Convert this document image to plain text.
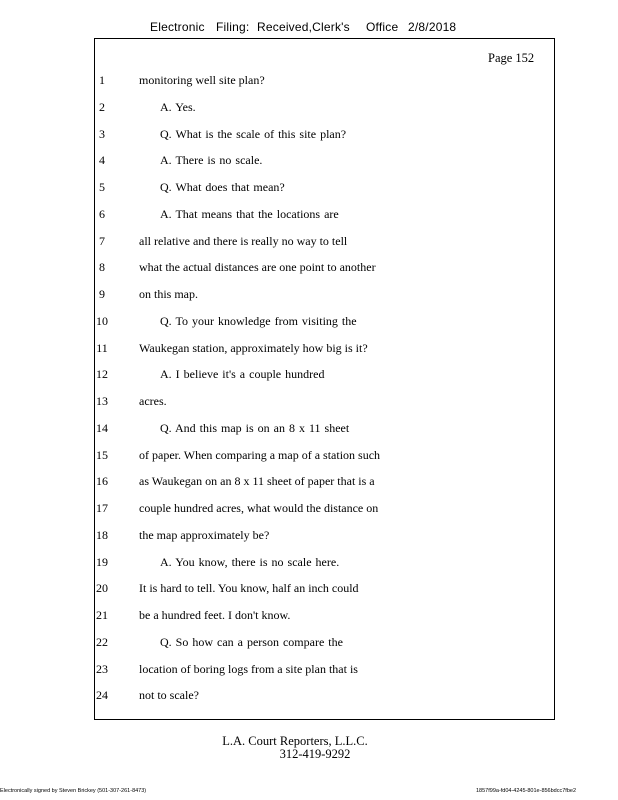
Electronic Filing: Received,Clerk's Office 2/8/2018
Page 152
1	monitoring well site plan?
2	A. Yes.
3	Q. What is the scale of this site plan?
4	A. There is no scale.
5	Q. What does that mean?
6	A. That means that the locations are
7	all relative and there is really no way to tell
8	what the actual distances are one point to another
9	on this map.
10	Q. To your knowledge from visiting the
11	Waukegan station, approximately how big is it?
12	A. I believe it's a couple hundred
13	acres.
14	Q. And this map is on an 8 x 11 sheet
15	of paper. When comparing a map of a station such
16	as Waukegan on an 8 x 11 sheet of paper that is a
17	couple hundred acres, what would the distance on
18	the map approximately be?
19	A. You know, there is no scale here.
20	It is hard to tell. You know, half an inch could
21	be a hundred feet. I don't know.
22	Q. So how can a person compare the
23	location of boring logs from a site plan that is
24	not to scale?
L.A. Court Reporters, L.L.C.
312-419-9292
Electronically signed by Steven Brickey (501-307-261-8473)	1857f99a-fd04-4245-801e-856bdcc7fbe2
